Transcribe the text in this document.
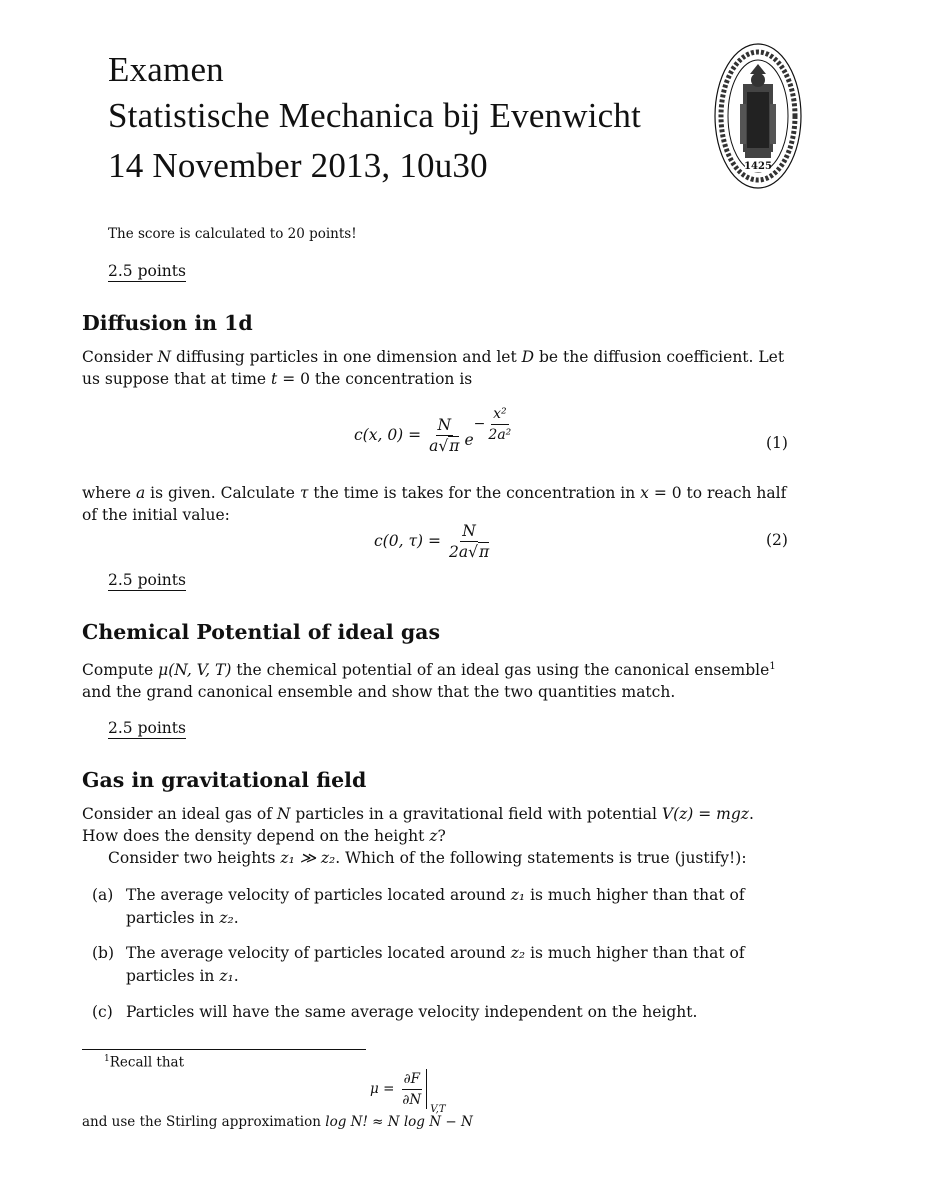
Examen
Statistische Mechanica bij Evenwicht
14 November 2013, 10u30	1425
The score is calculated to 20 points!
2.5 points
Diffusion in 1d
Consider N diffusing particles in one dimension and let D be the diffusion coefficient. Let us suppose that at time t = 0 the concentration is
c(x, $0) = \frac{N}{a√\pi}$ e
− $\frac{\text{x²}}{\text{2a²}}$	(1)
where a is given. Calculate τ the time is takes for the concentration in x = 0 to reach half of the initial value:
c(0, $\tau) = \frac{N}{2a√\pi}$	(2)
2.5 points
Chemical Potential of ideal gas
Compute μ(N, V, T) the chemical potential of an ideal gas using the canonical ensemble$^1$ and the grand canonical ensemble and show that the two quantities match.
2.5 points
Gas in gravitational field
Consider an ideal gas of N particles in a gravitational field with potential V(z) = mgz. How does the density depend on the height z?
Consider two heights z₁ ≫ z₂. Which of the following statements is true (justify!):
(a) The average velocity of particles located around z₁ is much higher than that of particles in z₂.
(b) The average velocity of particles located around z₂ is much higher than that of particles in z₁.
(c) Particles will have the same average velocity independent on the height.
$^1$Recall that
$\mu = \frac{\partial F}{\partial N}$
V,T
and use the Stirling approximation log N! ≈ N log N − N
